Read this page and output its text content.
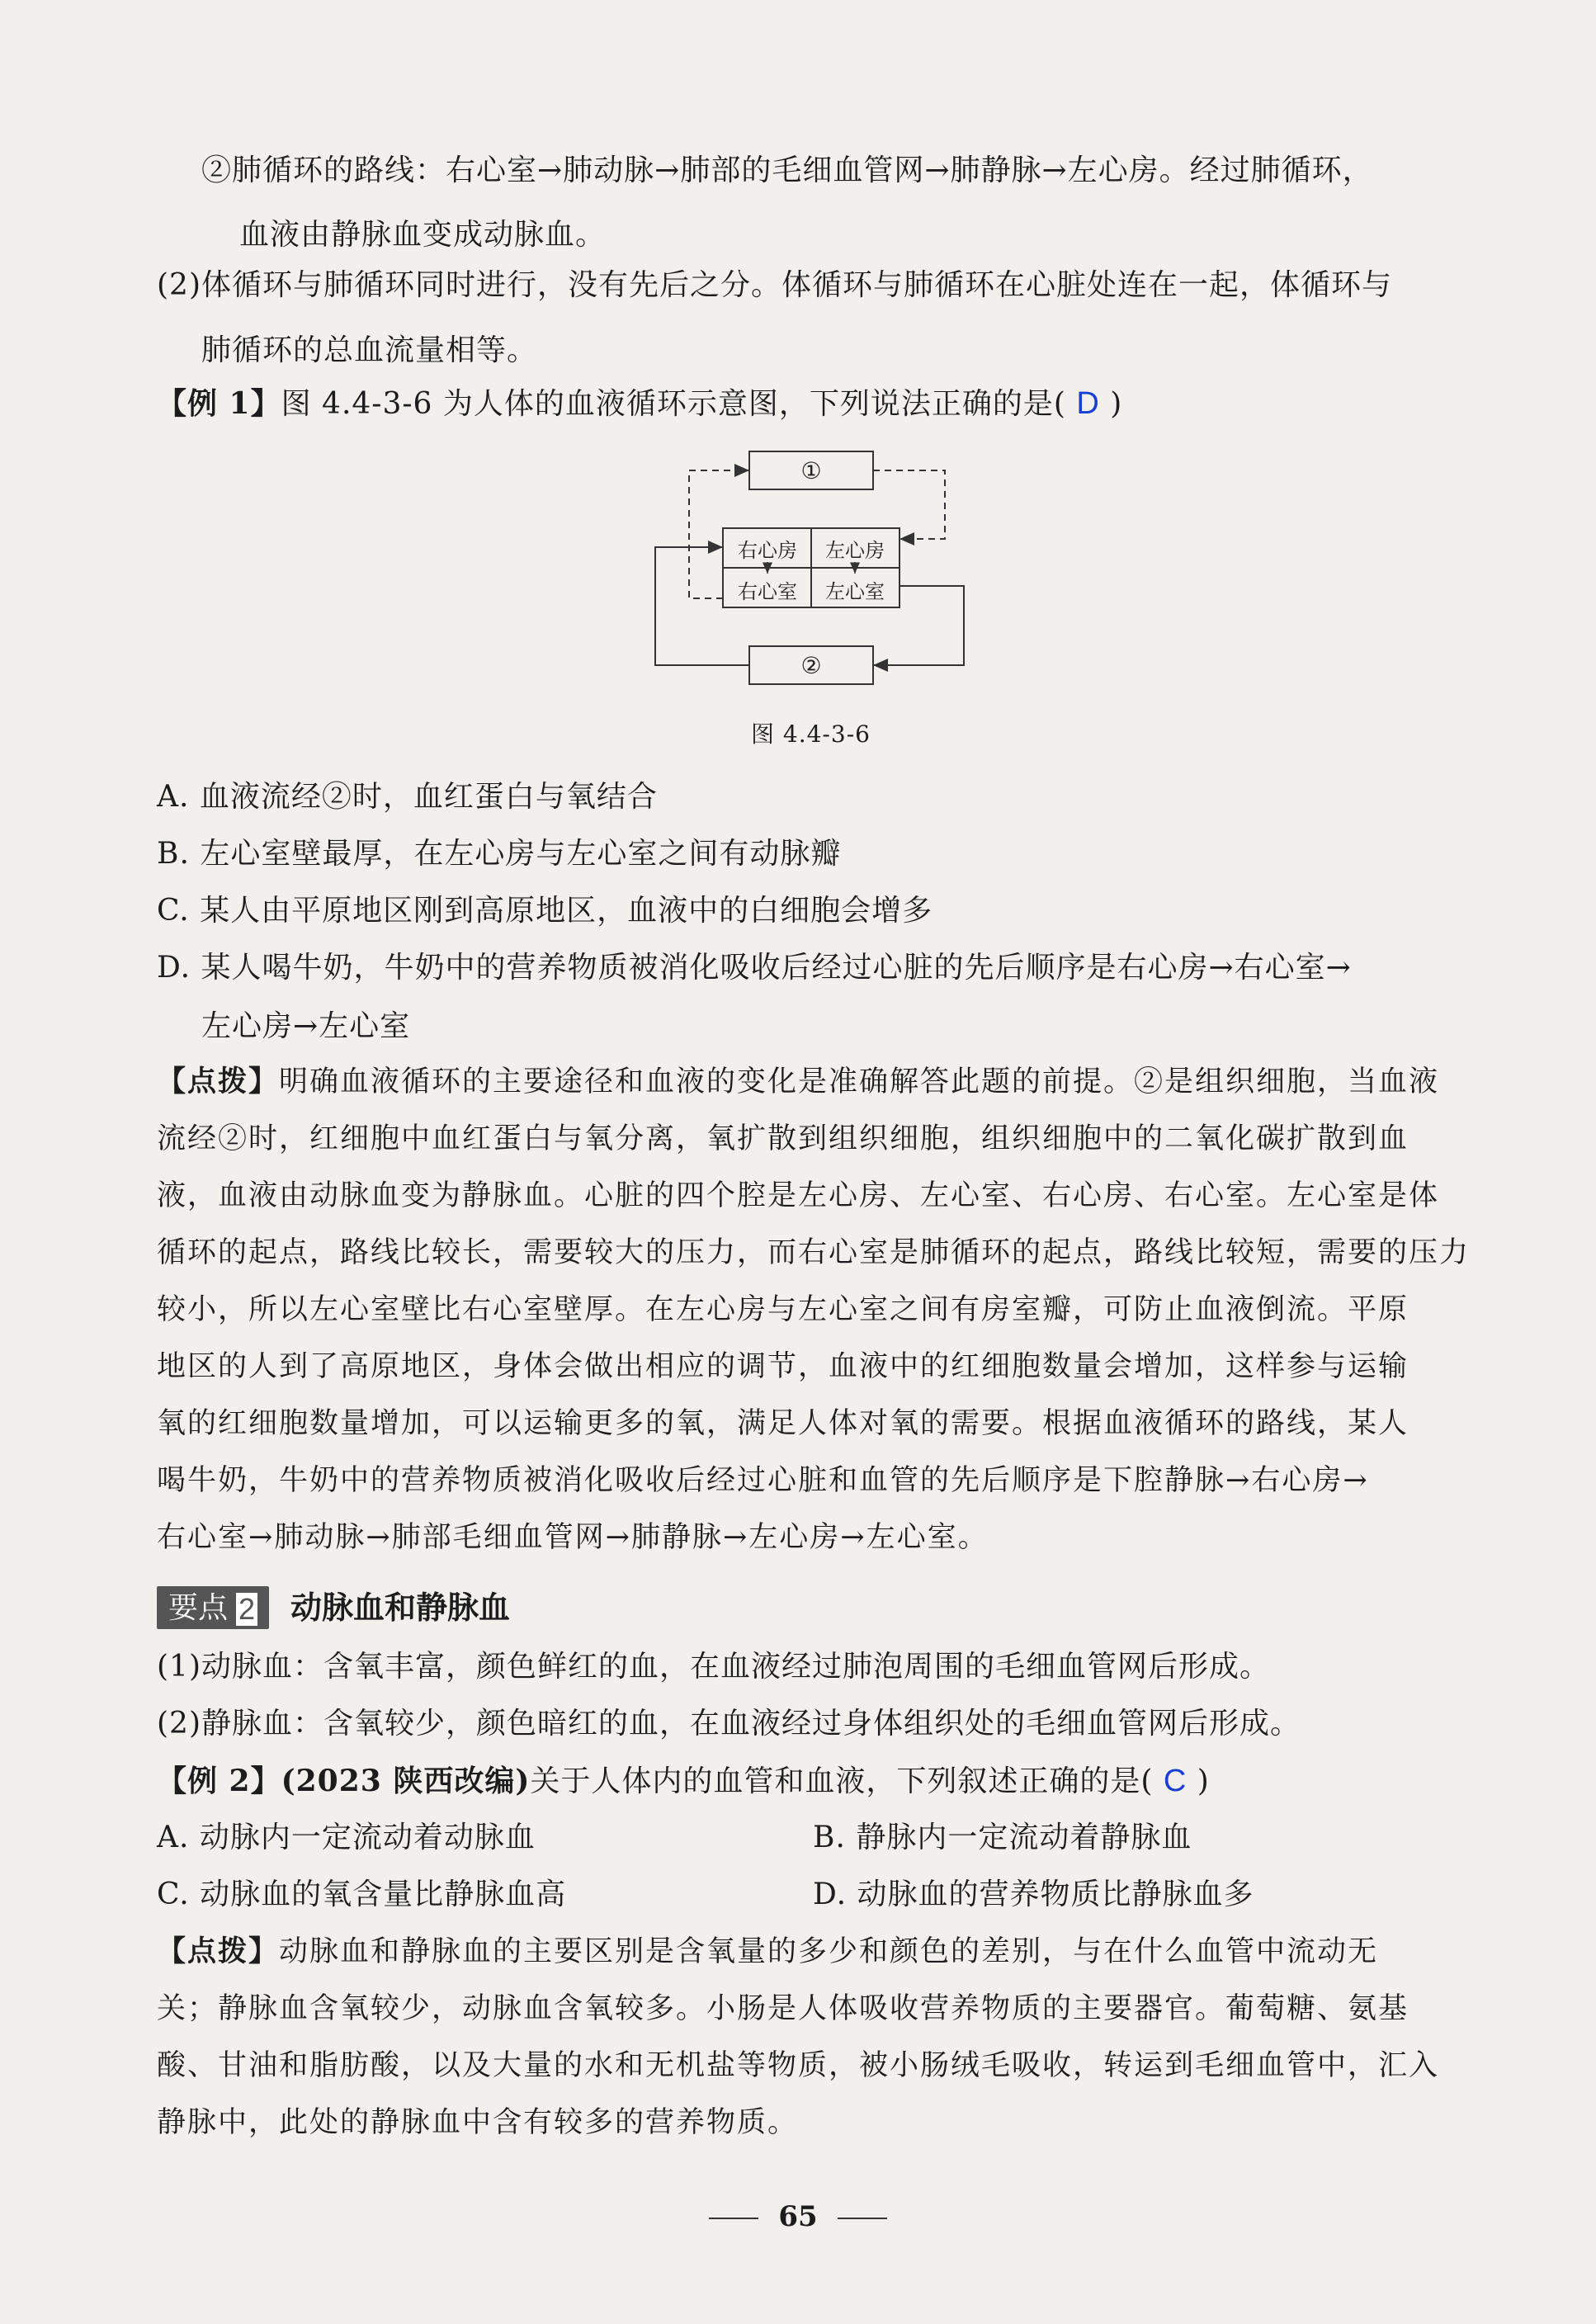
②肺循环的路线：右心室→肺动脉→肺部的毛细血管网→肺静脉→左心房。经过肺循环，
血液由静脉血变成动脉血。
(2)体循环与肺循环同时进行，没有先后之分。体循环与肺循环在心脏处连在一起，体循环与
肺循环的总血流量相等。
【例 1】图 4.4-3-6 为人体的血液循环示意图，下列说法正确的是( D )
①
右心房 左心房
右心室 左心室
②
图 4.4-3-6
A. 血液流经②时，血红蛋白与氧结合
B. 左心室壁最厚，在左心房与左心室之间有动脉瓣
C. 某人由平原地区刚到高原地区，血液中的白细胞会增多
D. 某人喝牛奶，牛奶中的营养物质被消化吸收后经过心脏的先后顺序是右心房→右心室→
左心房→左心室
【点拨】明确血液循环的主要途径和血液的变化是准确解答此题的前提。②是组织细胞，当血液
流经②时，红细胞中血红蛋白与氧分离，氧扩散到组织细胞，组织细胞中的二氧化碳扩散到血
液，血液由动脉血变为静脉血。心脏的四个腔是左心房、左心室、右心房、右心室。左心室是体
循环的起点，路线比较长，需要较大的压力，而右心室是肺循环的起点，路线比较短，需要的压力
较小，所以左心室壁比右心室壁厚。在左心房与左心室之间有房室瓣，可防止血液倒流。平原
地区的人到了高原地区，身体会做出相应的调节，血液中的红细胞数量会增加，这样参与运输
氧的红细胞数量增加，可以运输更多的氧，满足人体对氧的需要。根据血液循环的路线，某人
喝牛奶，牛奶中的营养物质被消化吸收后经过心脏和血管的先后顺序是下腔静脉→右心房→
右心室→肺动脉→肺部毛细血管网→肺静脉→左心房→左心室。
要点 2	动脉血和静脉血
(1)动脉血：含氧丰富，颜色鲜红的血，在血液经过肺泡周围的毛细血管网后形成。
(2)静脉血：含氧较少，颜色暗红的血，在血液经过身体组织处的毛细血管网后形成。
【例 2】(2023 陕西改编)关于人体内的血管和血液，下列叙述正确的是( C )
A. 动脉内一定流动着动脉血	B. 静脉内一定流动着静脉血
C. 动脉血的氧含量比静脉血高	D. 动脉血的营养物质比静脉血多
【点拨】动脉血和静脉血的主要区别是含氧量的多少和颜色的差别，与在什么血管中流动无
关；静脉血含氧较少，动脉血含氧较多。小肠是人体吸收营养物质的主要器官。葡萄糖、氨基
酸、甘油和脂肪酸，以及大量的水和无机盐等物质，被小肠绒毛吸收，转运到毛细血管中，汇入
静脉中，此处的静脉血中含有较多的营养物质。
65
